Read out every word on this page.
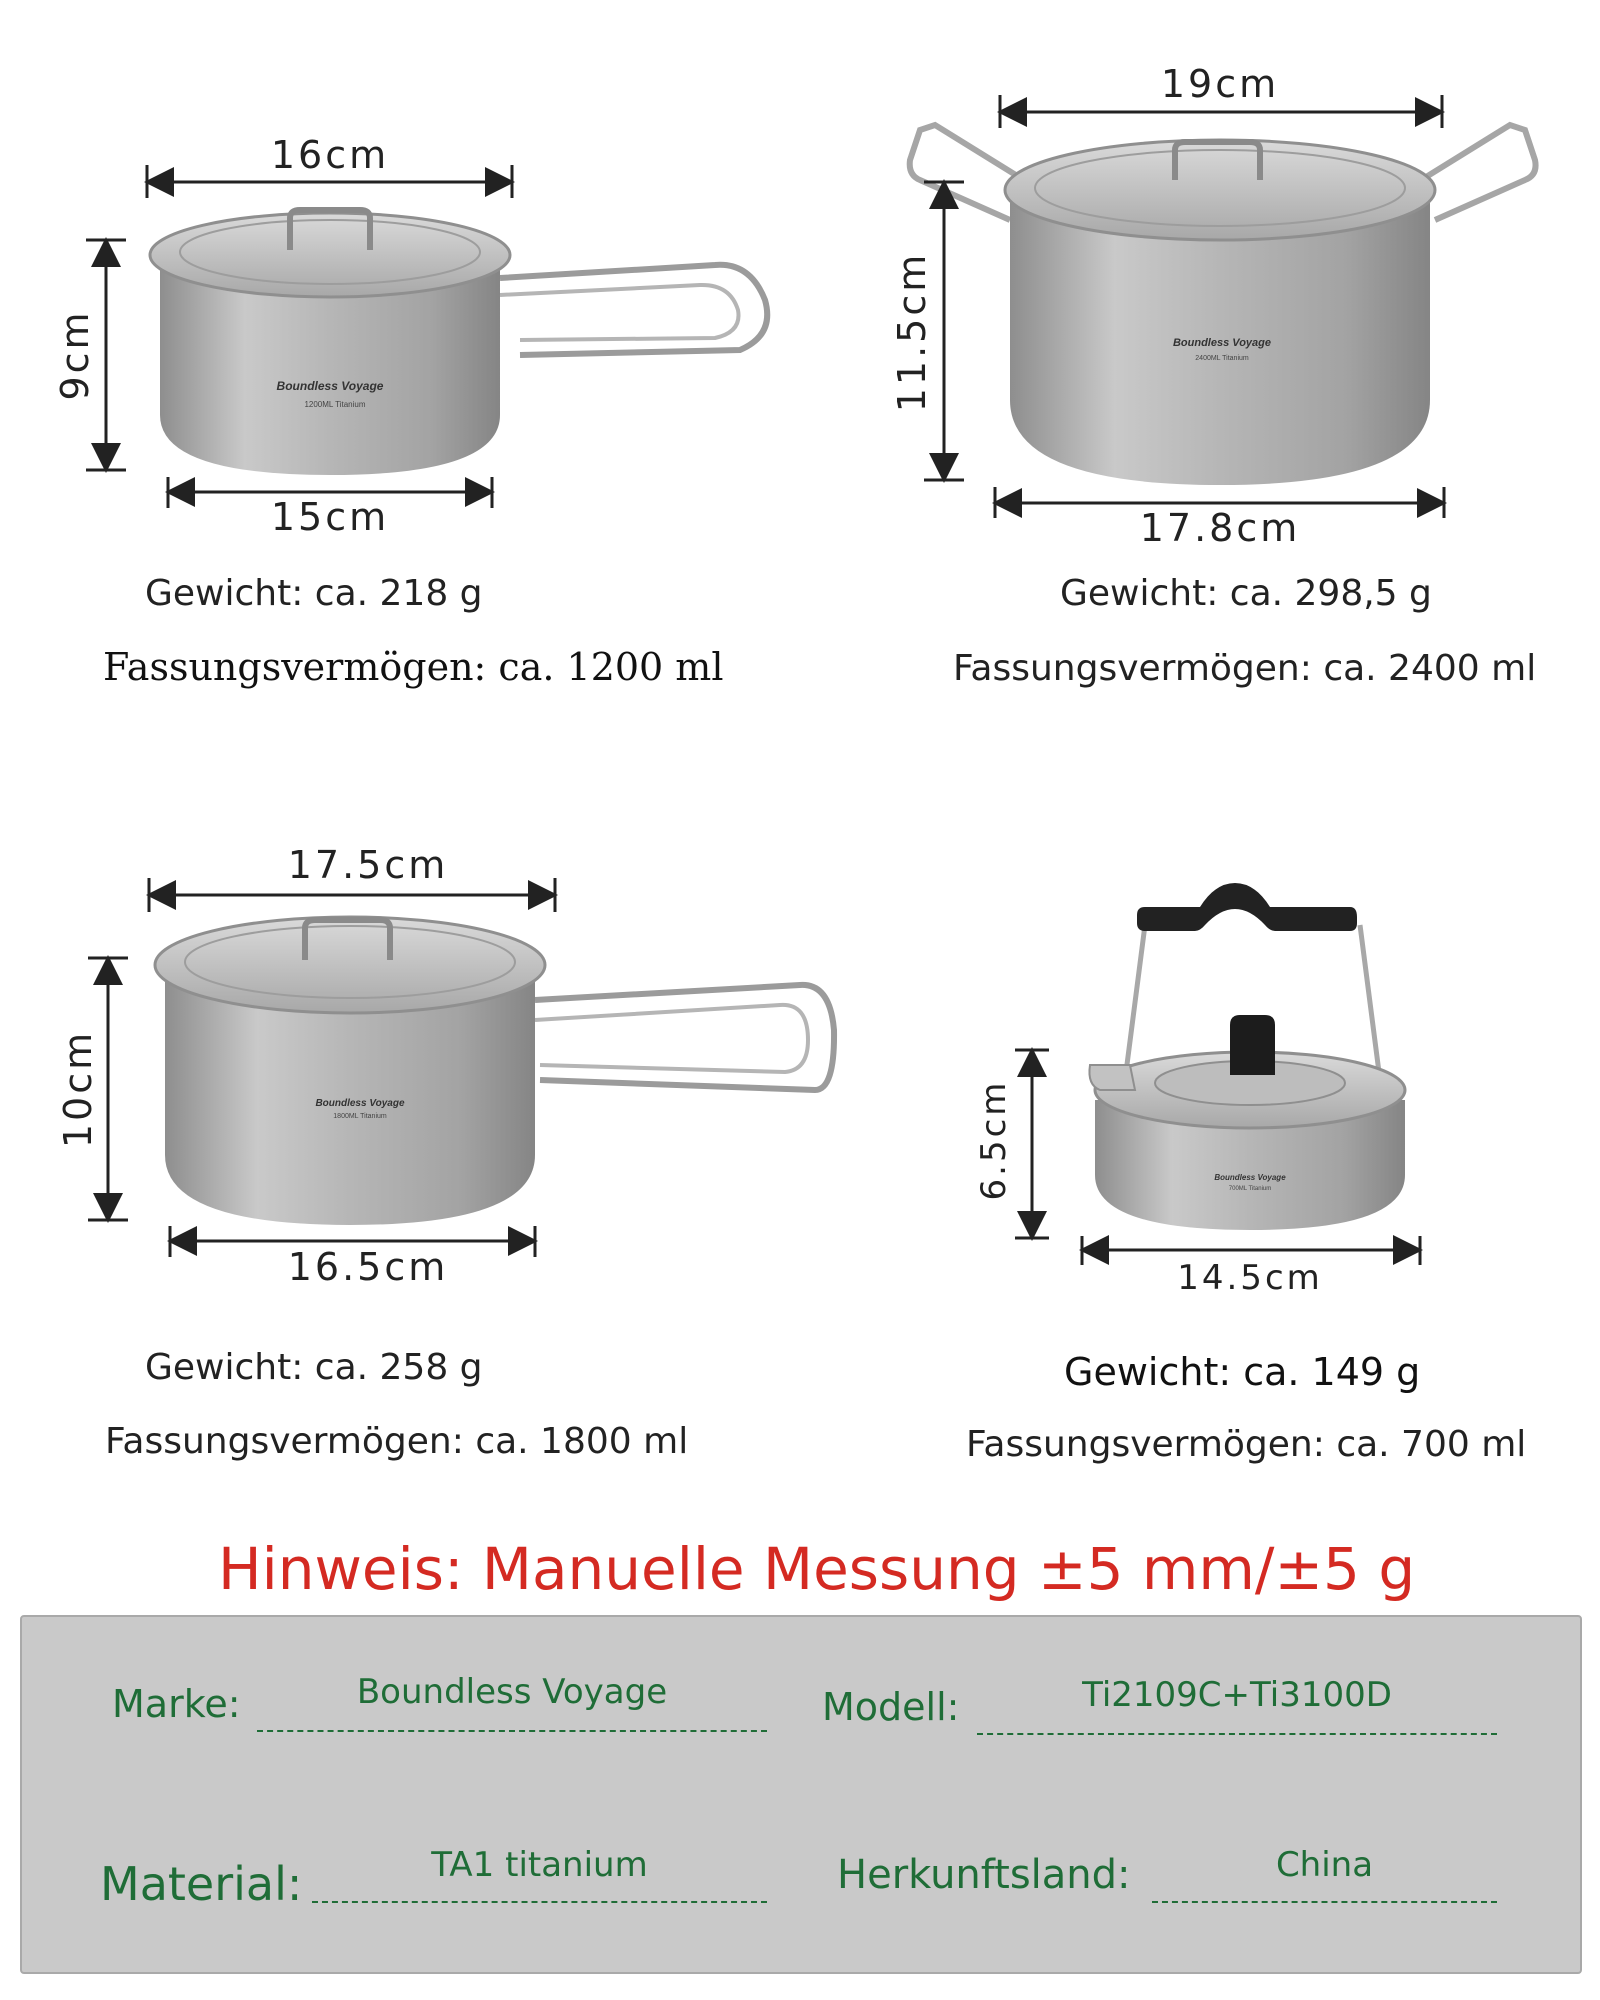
Boundless Voyage
1200ML Titanium
16cm
9cm
15cm
Gewicht: ca. 218 g
Fassungsvermögen: ca. 1200 ml
Boundless Voyage
2400ML Titanium
19cm
11.5cm
17.8cm
Gewicht: ca. 298,5 g
Fassungsvermögen: ca. 2400 ml
Boundless Voyage
1800ML Titanium
17.5cm
10cm
16.5cm
Gewicht: ca. 258 g
Fassungsvermögen: ca. 1800 ml
Boundless Voyage
700ML Titanium
6.5cm
14.5cm
Gewicht: ca. 149 g
Fassungsvermögen: ca. 700 ml
Hinweis: Manuelle Messung ±5 mm/±5 g
Marke:	Boundless Voyage	Modell:	Ti2109C+Ti3100D
Material:	TA1 titanium	Herkunftsland:	China
